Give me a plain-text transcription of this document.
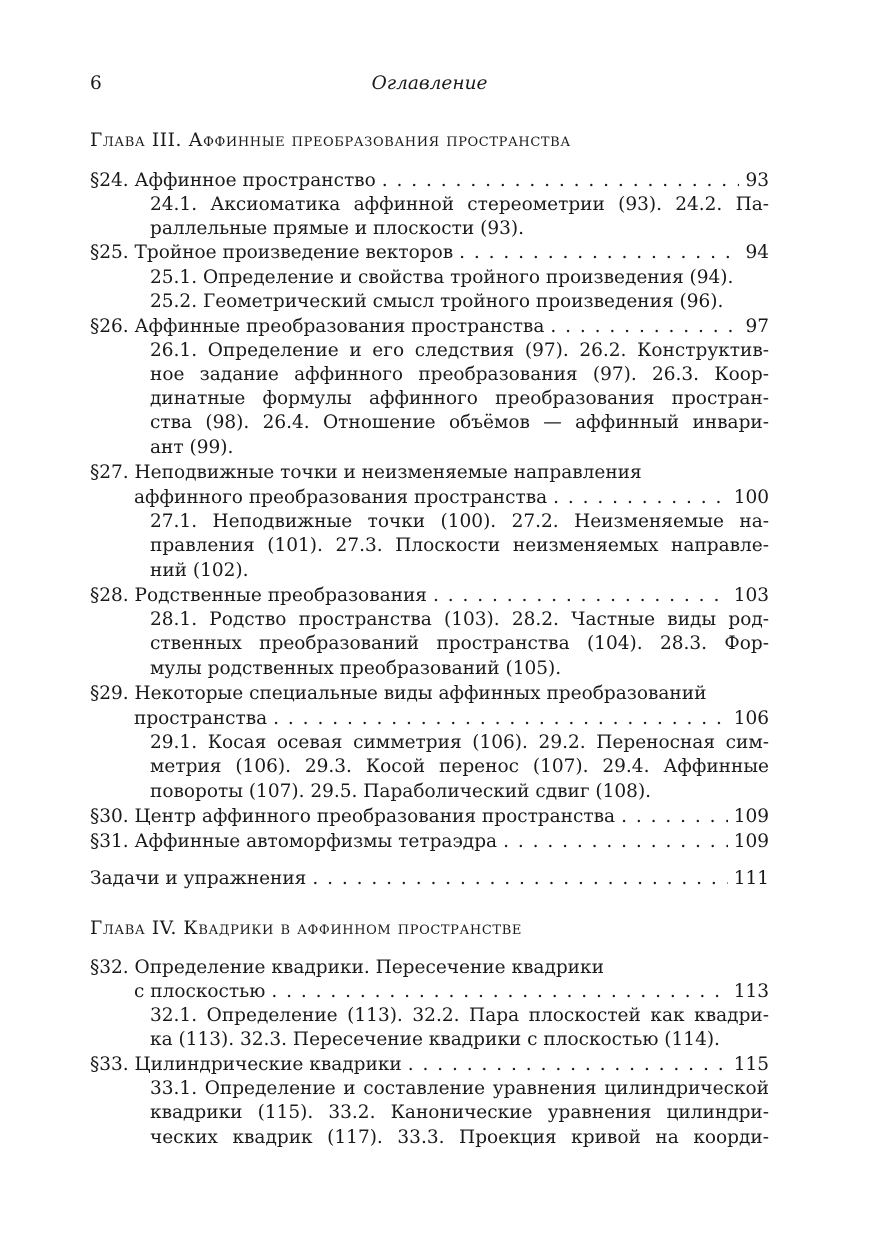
6	Оглавление
Глава III. Аффинные преобразования пространства
§24. Аффинное пространство . . .	93
24.1. Аксиоматика аффинной стереометрии (93). 24.2. Па-
раллельные прямые и плоскости (93).
§25. Тройное произведение векторов . . .	94
25.1. Определение и свойства тройного произведения (94).
25.2. Геометрический смысл тройного произведения (96).
§26. Аффинные преобразования пространства . . .	97
26.1. Определение и его следствия (97). 26.2. Конструктив-
ное задание аффинного преобразования (97). 26.3. Коор-
динатные формулы аффинного преобразования простран-
ства (98). 26.4. Отношение объёмов — аффинный инвари-
ант (99).
§27. Неподвижные точки и неизменяемые направления
аффинного преобразования пространства . . .	100
27.1. Неподвижные точки (100). 27.2. Неизменяемые на-
правления (101). 27.3. Плоскости неизменяемых направле-
ний (102).
§28. Родственные преобразования . . .	103
28.1. Родство пространства (103). 28.2. Частные виды род-
ственных преобразований пространства (104). 28.3. Фор-
мулы родственных преобразований (105).
§29. Некоторые специальные виды аффинных преобразований
пространства . . .	106
29.1. Косая осевая симметрия (106). 29.2. Переносная сим-
метрия (106). 29.3. Косой перенос (107). 29.4. Аффинные
повороты (107). 29.5. Параболический сдвиг (108).
§30. Центр аффинного преобразования пространства . . .	109
§31. Аффинные автоморфизмы тетраэдра . . .	109
Задачи и упражнения . . .	111
Глава IV. Квадрики в аффинном пространстве
§32. Определение квадрики. Пересечение квадрики
с плоскостью . . .	113
32.1. Определение (113). 32.2. Пара плоскостей как квадри-
ка (113). 32.3. Пересечение квадрики с плоскостью (114).
§33. Цилиндрические квадрики . . .	115
33.1. Определение и составление уравнения цилиндрической
квадрики (115). 33.2. Канонические уравнения цилиндри-
ческих квадрик (117). 33.3. Проекция кривой на коорди-
